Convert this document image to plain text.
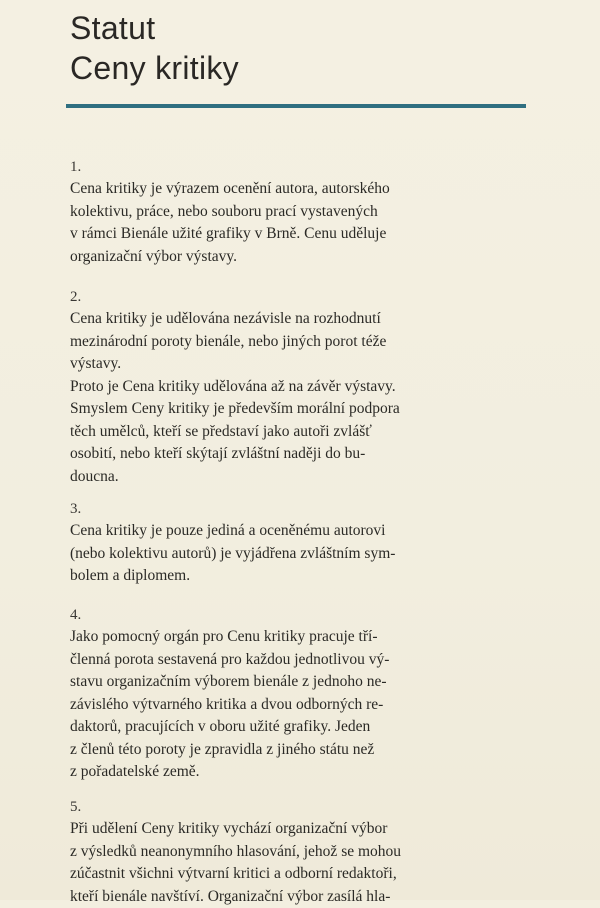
Statut
Ceny kritiky
1.

Cena kritiky je výrazem ocenění autora, autorského
kolektivu, práce, nebo souboru prací vystavených
v rámci Bienále užité grafiky v Brně. Cenu uděluje
organizační výbor výstavy.

2.

Cena kritiky je udělována nezávisle na rozhodnutí
mezinárodní poroty bienále, nebo jiných porot téže
výstavy.

Proto je Cena kritiky udělována až na závěr výstavy.
Smyslem Ceny kritiky je především morální podpora
těch umělců, kteří se představí jako autoři zvlášť
osobití, nebo kteří skýtají zvláštní naději do bu-
doucna.

3.

Cena kritiky je pouze jediná a oceněnému autorovi
(nebo kolektivu autorů) je vyjádřena zvláštním sym-
bolem a diplomem.

4.

Jako pomocný orgán pro Cenu kritiky pracuje tří-
členná porota sestavená pro každou jednotlivou vý-
stavu organizačním výborem bienále z jednoho ne-
závislého výtvarného kritika a dvou odborných re-
daktorů, pracujících v oboru užité grafiky. Jeden
z členů této poroty je zpravidla z jiného státu než
z pořadatelské země.

5.

Při udělení Ceny kritiky vychází organizační výbor
z výsledků neanonymního hlasování, jehož se mohou
zúčastnit všichni výtvarní kritici a odborní redaktoři,
kteří bienále navštíví. Organizační výbor zasílá hla-
